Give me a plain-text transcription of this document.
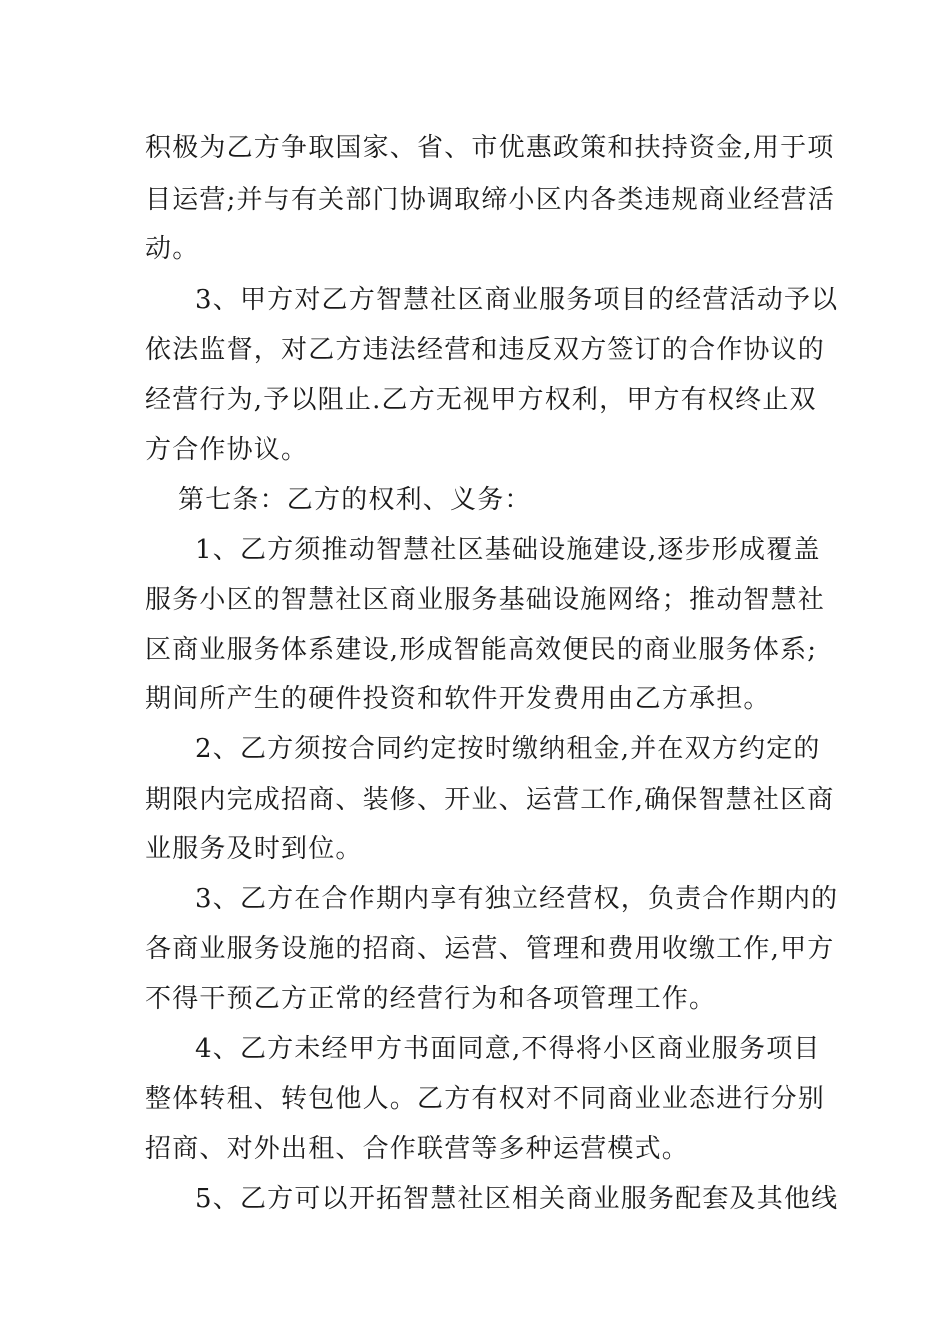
积极为乙方争取国家、省、市优惠政策和扶持资金,用于项
目运营;并与有关部门协调取缔小区内各类违规商业经营活
动。
3、甲方对乙方智慧社区商业服务项目的经营活动予以
依法监督，对乙方违法经营和违反双方签订的合作协议的
经营行为,予以阻止.乙方无视甲方权利，甲方有权终止双
方合作协议。
第七条：乙方的权利、义务：
1、乙方须推动智慧社区基础设施建设,逐步形成覆盖
服务小区的智慧社区商业服务基础设施网络；推动智慧社
区商业服务体系建设,形成智能高效便民的商业服务体系;
期间所产生的硬件投资和软件开发费用由乙方承担。
2、乙方须按合同约定按时缴纳租金,并在双方约定的
期限内完成招商、装修、开业、运营工作,确保智慧社区商
业服务及时到位。
3、乙方在合作期内享有独立经营权，负责合作期内的
各商业服务设施的招商、运营、管理和费用收缴工作,甲方
不得干预乙方正常的经营行为和各项管理工作。
4、乙方未经甲方书面同意,不得将小区商业服务项目
整体转租、转包他人。乙方有权对不同商业业态进行分别
招商、对外出租、合作联营等多种运营模式。
5、乙方可以开拓智慧社区相关商业服务配套及其他线
